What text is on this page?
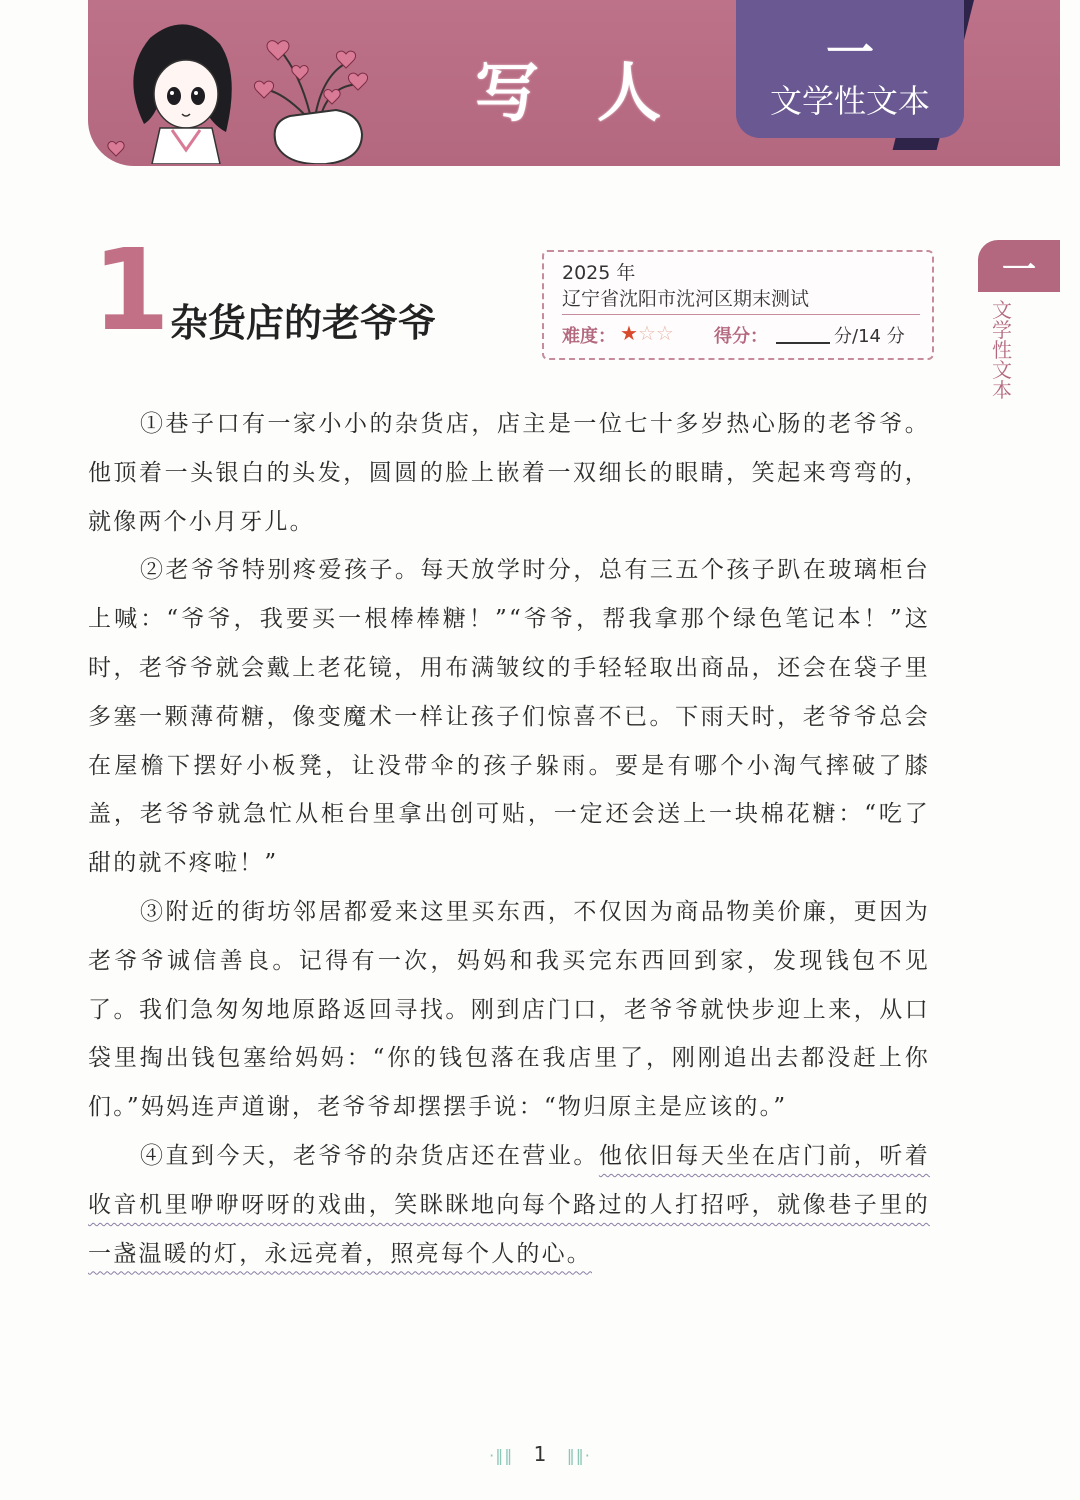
写人
一
文学性文本
一
文学性文本
1 杂货店的老爷爷
2025 年
辽宁省沈阳市沈河区期末测试
难度： ★☆☆ 得分：	分/14 分

①巷子口有一家小小的杂货店，店主是一位七十多岁热心肠的老爷爷。他顶着一头银白的头发，圆圆的脸上嵌着一双细长的眼睛，笑起来弯弯的，就像两个小月牙儿。

②老爷爷特别疼爱孩子。每天放学时分，总有三五个孩子趴在玻璃柜台上喊：“爷爷，我要买一根棒棒糖！”“爷爷，帮我拿那个绿色笔记本！”这时，老爷爷就会戴上老花镜，用布满皱纹的手轻轻取出商品，还会在袋子里多塞一颗薄荷糖，像变魔术一样让孩子们惊喜不已。下雨天时，老爷爷总会在屋檐下摆好小板凳，让没带伞的孩子躲雨。要是有哪个小淘气摔破了膝盖，老爷爷就急忙从柜台里拿出创可贴，一定还会送上一块棉花糖：“吃了甜的就不疼啦！”

③附近的街坊邻居都爱来这里买东西，不仅因为商品物美价廉，更因为老爷爷诚信善良。记得有一次，妈妈和我买完东西回到家，发现钱包不见了。我们急匆匆地原路返回寻找。刚到店门口，老爷爷就快步迎上来，从口袋里掏出钱包塞给妈妈：“你的钱包落在我店里了，刚刚追出去都没赶上你们。”妈妈连声道谢，老爷爷却摆摆手说：“物归原主是应该的。”

④直到今天，老爷爷的杂货店还在营业。他依旧每天坐在店门前，听着收音机里咿咿呀呀的戏曲，笑眯眯地向每个路过的人打招呼，就像巷子里的一盏温暖的灯，永远亮着，照亮每个人的心。

·‖‖ 1 ‖‖·
